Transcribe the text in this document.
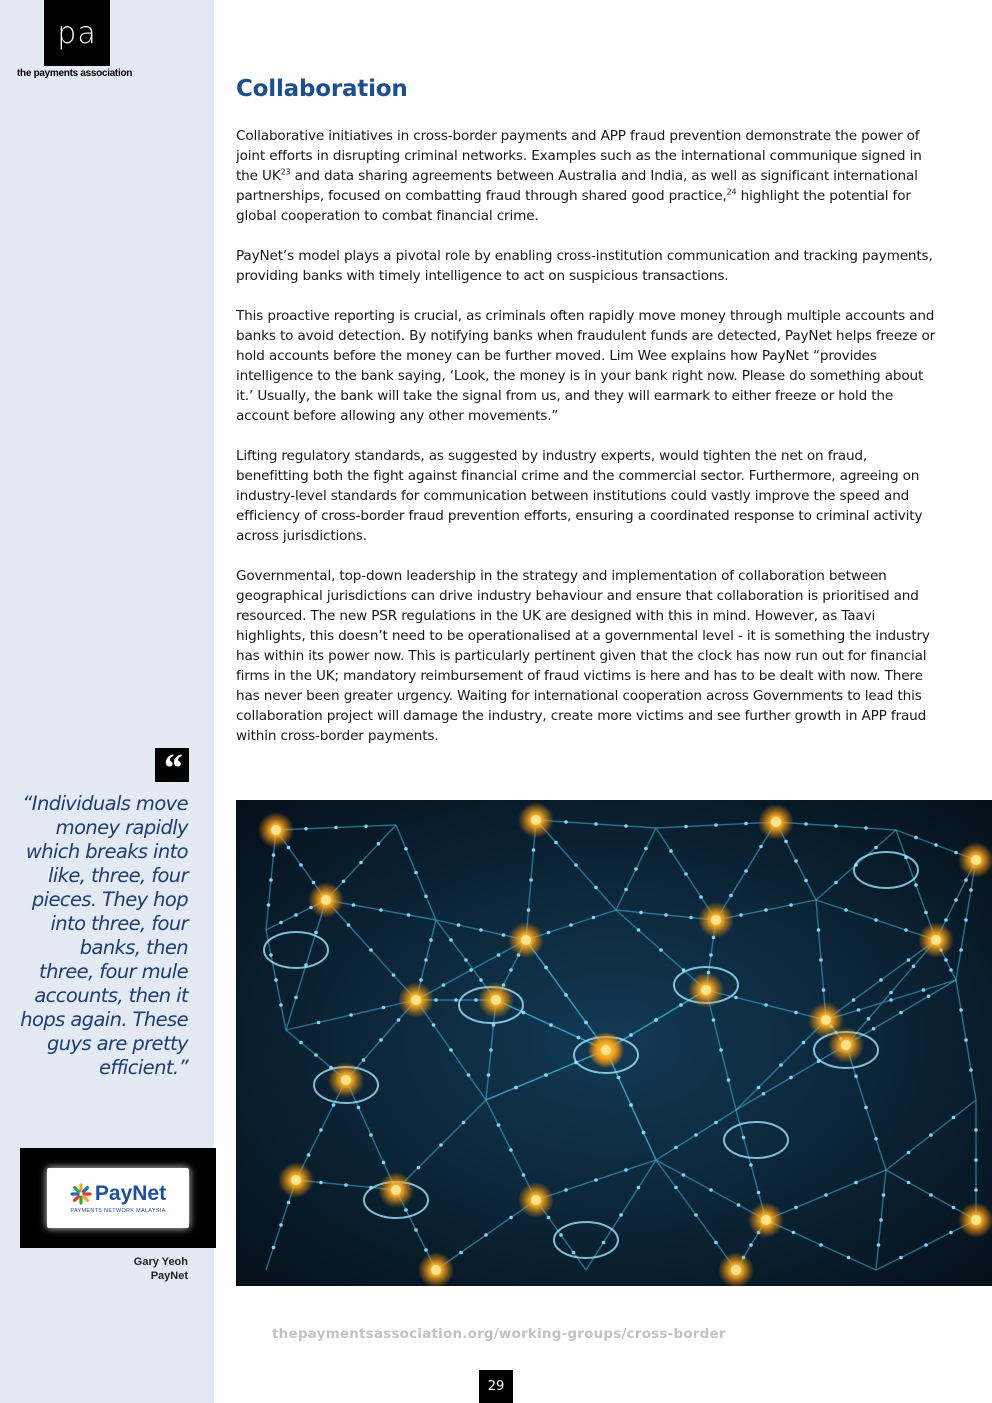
pa
the payments association
“
“Individuals move money rapidly which breaks into like, three, four pieces. They hop into three, four banks, then three, four mule accounts, then it hops again. These guys are pretty efficient.”
PayNet
PAYMENTS NETWORK MALAYSIA
Gary Yeoh
PayNet
Collaboration

Collaborative initiatives in cross-border payments and APP fraud prevention demonstrate the power of joint efforts in disrupting criminal networks. Examples such as the international communique signed in the UK$^{23}$ and data sharing agreements between Australia and India, as well as significant international partnerships, focused on combatting fraud through shared good practice,$^{24}$ highlight the potential for global cooperation to combat financial crime.

PayNet’s model plays a pivotal role by enabling cross-institution communication and tracking payments, providing banks with timely intelligence to act on suspicious transactions.

This proactive reporting is crucial, as criminals often rapidly move money through multiple accounts and banks to avoid detection. By notifying banks when fraudulent funds are detected, PayNet helps freeze or hold accounts before the money can be further moved. Lim Wee explains how PayNet “provides intelligence to the bank saying, ‘Look, the money is in your bank right now. Please do something about it.’ Usually, the bank will take the signal from us, and they will earmark to either freeze or hold the account before allowing any other movements.”

Lifting regulatory standards, as suggested by industry experts, would tighten the net on fraud, benefitting both the fight against financial crime and the commercial sector. Furthermore, agreeing on industry-level standards for communication between institutions could vastly improve the speed and efficiency of cross-border fraud prevention efforts, ensuring a coordinated response to criminal activity across jurisdictions.

Governmental, top-down leadership in the strategy and implementation of collaboration between geographical jurisdictions can drive industry behaviour and ensure that collaboration is prioritised and resourced. The new PSR regulations in the UK are designed with this in mind. However, as Taavi highlights, this doesn’t need to be operationalised at a governmental level - it is something the industry has within its power now. This is particularly pertinent given that the clock has now run out for financial firms in the UK; mandatory reimbursement of fraud victims is here and has to be dealt with now. There has never been greater urgency. Waiting for international cooperation across Governments to lead this collaboration project will damage the industry, create more victims and see further growth in APP fraud within cross-border payments.

thepaymentsassociation.org/working-groups/cross-border
29
